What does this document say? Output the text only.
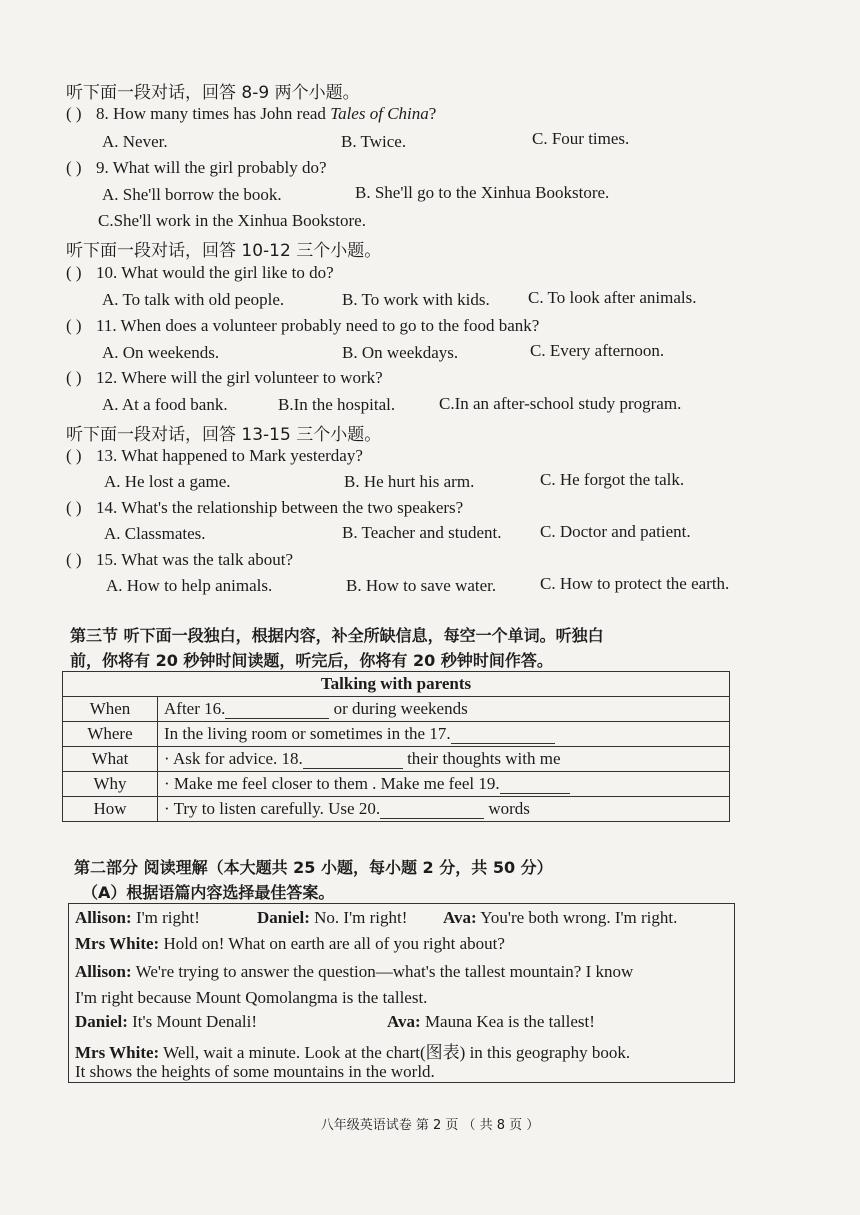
听下面一段对话，回答 8-9 两个小题。
( ) 8. How many times has John read Tales of China?
A. Never.	B. Twice.	C. Four times.
( ) 9. What will the girl probably do?
A. She'll borrow the book.	B. She'll go to the Xinhua Bookstore.
C.She'll work in the Xinhua Bookstore.
听下面一段对话，回答 10-12 三个小题。
( ) 10. What would the girl like to do?
A. To talk with old people.	B. To work with kids. C. To look after animals.
( ) 11. When does a volunteer probably need to go to the food bank?
A. On weekends.	B. On weekdays.	C. Every afternoon.
( ) 12. Where will the girl volunteer to work?
A. At a food bank.	B.In the hospital.	C.In an after-school study program.
听下面一段对话，回答 13-15 三个小题。
( ) 13. What happened to Mark yesterday?
A. He lost a game.	B. He hurt his arm.	C. He forgot the talk.
( ) 14. What's the relationship between the two speakers?
A. Classmates.	B. Teacher and student. C. Doctor and patient.
( ) 15. What was the talk about?
A. How to help animals.	B. How to save water.	C. How to protect the earth.
第三节 听下面一段独白，根据内容，补全所缺信息，每空一个单词。听独白
前，你将有 20 秒钟时间读题，听完后，你将有 20 秒钟时间作答。
Talking with parents	
When	After 16. or during weekends
Where	In the living room or sometimes in the 17.
What	· Ask for advice. 18. their thoughts with me
Why	· Make me feel closer to them . Make me feel 19.
How	· Try to listen carefully. Use 20. words
第二部分 阅读理解（本大题共 25 小题，每小题 2 分，共 50 分）
（A）根据语篇内容选择最佳答案。
Allison: I'm right!	Daniel: No. I'm right! Ava: You're both wrong. I'm right.
Mrs White: Hold on! What on earth are all of you right about?
Allison: We're trying to answer the question—what's the tallest mountain? I know
I'm right because Mount Qomolangma is the tallest.
Daniel: It's Mount Denali!	Ava: Mauna Kea is the tallest!
Mrs White: Well, wait a minute. Look at the chart(图表) in this geography book.
It shows the heights of some mountains in the world.
八年级英语试卷 第 2 页 （ 共 8 页 ）
